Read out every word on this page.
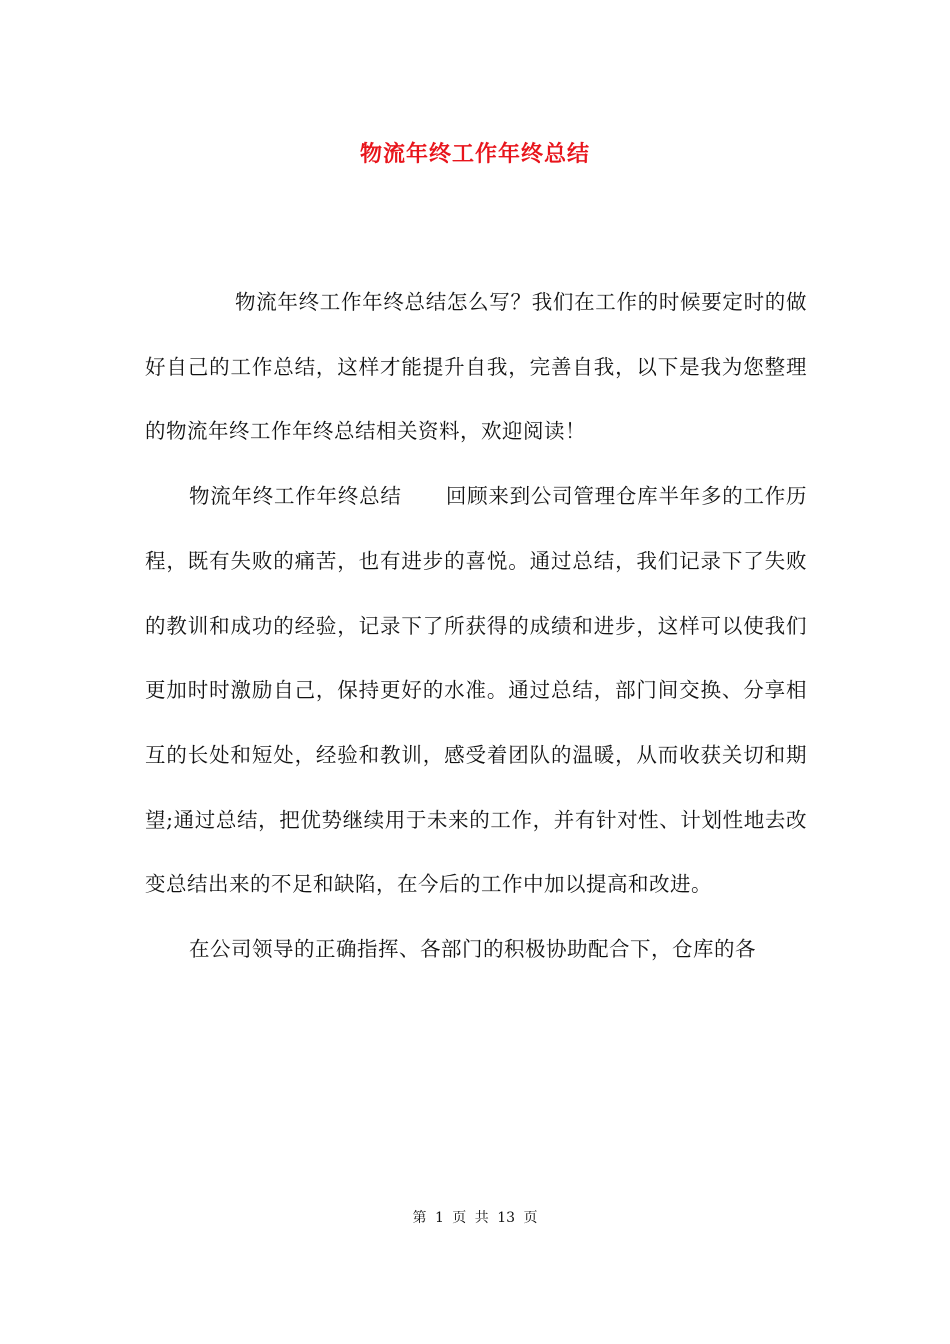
物流年终工作年终总结

物流年终工作年终总结怎么写？我们在工作的时候要定时的做好自己的工作总结，这样才能提升自我，完善自我，以下是我为您整理的物流年终工作年终总结相关资料，欢迎阅读！

物流年终工作年终总结 回顾来到公司管理仓库半年多的工作历程，既有失败的痛苦，也有进步的喜悦。通过总结，我们记录下了失败的教训和成功的经验，记录下了所获得的成绩和进步，这样可以使我们更加时时激励自己，保持更好的水准。通过总结，部门间交换、分享相互的长处和短处，经验和教训，感受着团队的温暖，从而收获关切和期望;通过总结，把优势继续用于未来的工作，并有针对性、计划性地去改变总结出来的不足和缺陷，在今后的工作中加以提高和改进。

在公司领导的正确指挥、各部门的积极协助配合下，仓库的各

第 1 页 共 13 页
